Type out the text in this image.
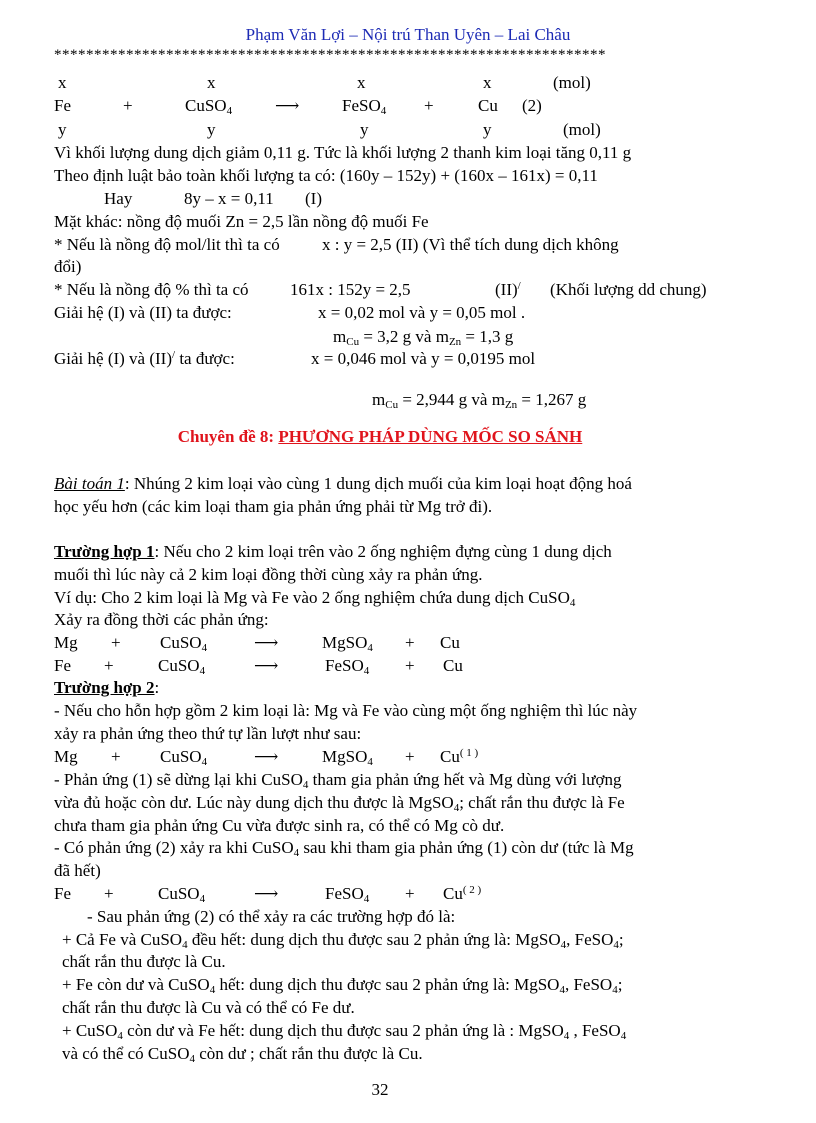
Phạm Văn Lợi – Nội trú Than Uyên – Lai Châu
*********************************************************************
x	x	x	x	(mol)
Fe	+	CuSO$_4$	⟶	FeSO$_4$ +	Cu (2)
y	y	y	y	(mol)
Vì khối lượng dung dịch giảm 0,11 g. Tức là khối lượng 2 thanh kim loại tăng 0,11 g
Theo định luật bảo toàn khối lượng ta có: (160y – 152y) + (160x – 161x) = 0,11
Hay	8y – x = 0,11 (I)
Mặt khác: nồng độ muối Zn = 2,5 lần nồng độ muối Fe
* Nếu là nồng độ mol/lit thì ta có x : y = 2,5 (II) (Vì thể tích dung dịch không
đổi)
* Nếu là nồng độ % thì ta có 161x : 152y = 2,5	(II)/ (Khối lượng dd chung)
Giải hệ (I) và (II) ta được:	x = 0,02 mol và y = 0,05 mol .
$m_{Cu} = 3,2$ g và $m_{Zn} = 1,3$ g
Giải hệ (I) và (II)/ ta được:	x = 0,046 mol và y = 0,0195 mol
$m_{Cu} = 2,944$ g và $m_{Zn} = 1,267$ g
Chuyên đề 8: PHƯƠNG PHÁP DÙNG MỐC SO SÁNH
Bài toán 1: Nhúng 2 kim loại vào cùng 1 dung dịch muối của kim loại hoạt động hoá
học yếu hơn (các kim loại tham gia phản ứng phải từ Mg trở đi).
Trường hợp 1: Nếu cho 2 kim loại trên vào 2 ống nghiệm đựng cùng 1 dung dịch
muối thì lúc này cả 2 kim loại đồng thời cùng xảy ra phản ứng.
Ví dụ: Cho 2 kim loại là Mg và Fe vào 2 ống nghiệm chứa dung dịch CuSO$_4$
Xảy ra đồng thời các phản ứng:
Mg + CuSO$_4$	⟶	MgSO$_4$ + Cu
Fe +	CuSO$_4$	⟶	FeSO$_4$ + Cu
Trường hợp 2:
- Nếu cho hỗn hợp gồm 2 kim loại là: Mg và Fe vào cùng một ống nghiệm thì lúc này
xảy ra phản ứng theo thứ tự lần lượt như sau:
Mg + CuSO$_4$	⟶	MgSO$_4$ + $Cu^{( 1 )}$
- Phản ứng (1) sẽ dừng lại khi CuSO$_4$ tham gia phản ứng hết và Mg dùng với lượng
vừa đủ hoặc còn dư. Lúc này dung dịch thu được là MgSO$_4$; chất rắn thu được là Fe
chưa tham gia phản ứng Cu vừa được sinh ra, có thể có Mg cò dư.
- Có phản ứng (2) xảy ra khi CuSO$_4$ sau khi tham gia phản ứng (1) còn dư (tức là Mg
đã hết)
Fe +	CuSO$_4$	⟶	FeSO$_4$ + $Cu^{( 2 )}$
- Sau phản ứng (2) có thể xảy ra các trường hợp đó là:
+ Cả Fe và CuSO$_4$ đều hết: dung dịch thu được sau 2 phản ứng là: MgSO$_4$, FeSO$_4$;
chất rắn thu được là Cu.
+ Fe còn dư và CuSO$_4$ hết: dung dịch thu được sau 2 phản ứng là: MgSO$_4$, FeSO$_4$;
chất rắn thu được là Cu và có thể có Fe dư.
+ CuSO$_4$ còn dư và Fe hết: dung dịch thu được sau 2 phản ứng là : MgSO$_4$ , FeSO$_4$
và có thể có CuSO$_4$ còn dư ; chất rắn thu được là Cu.
32
